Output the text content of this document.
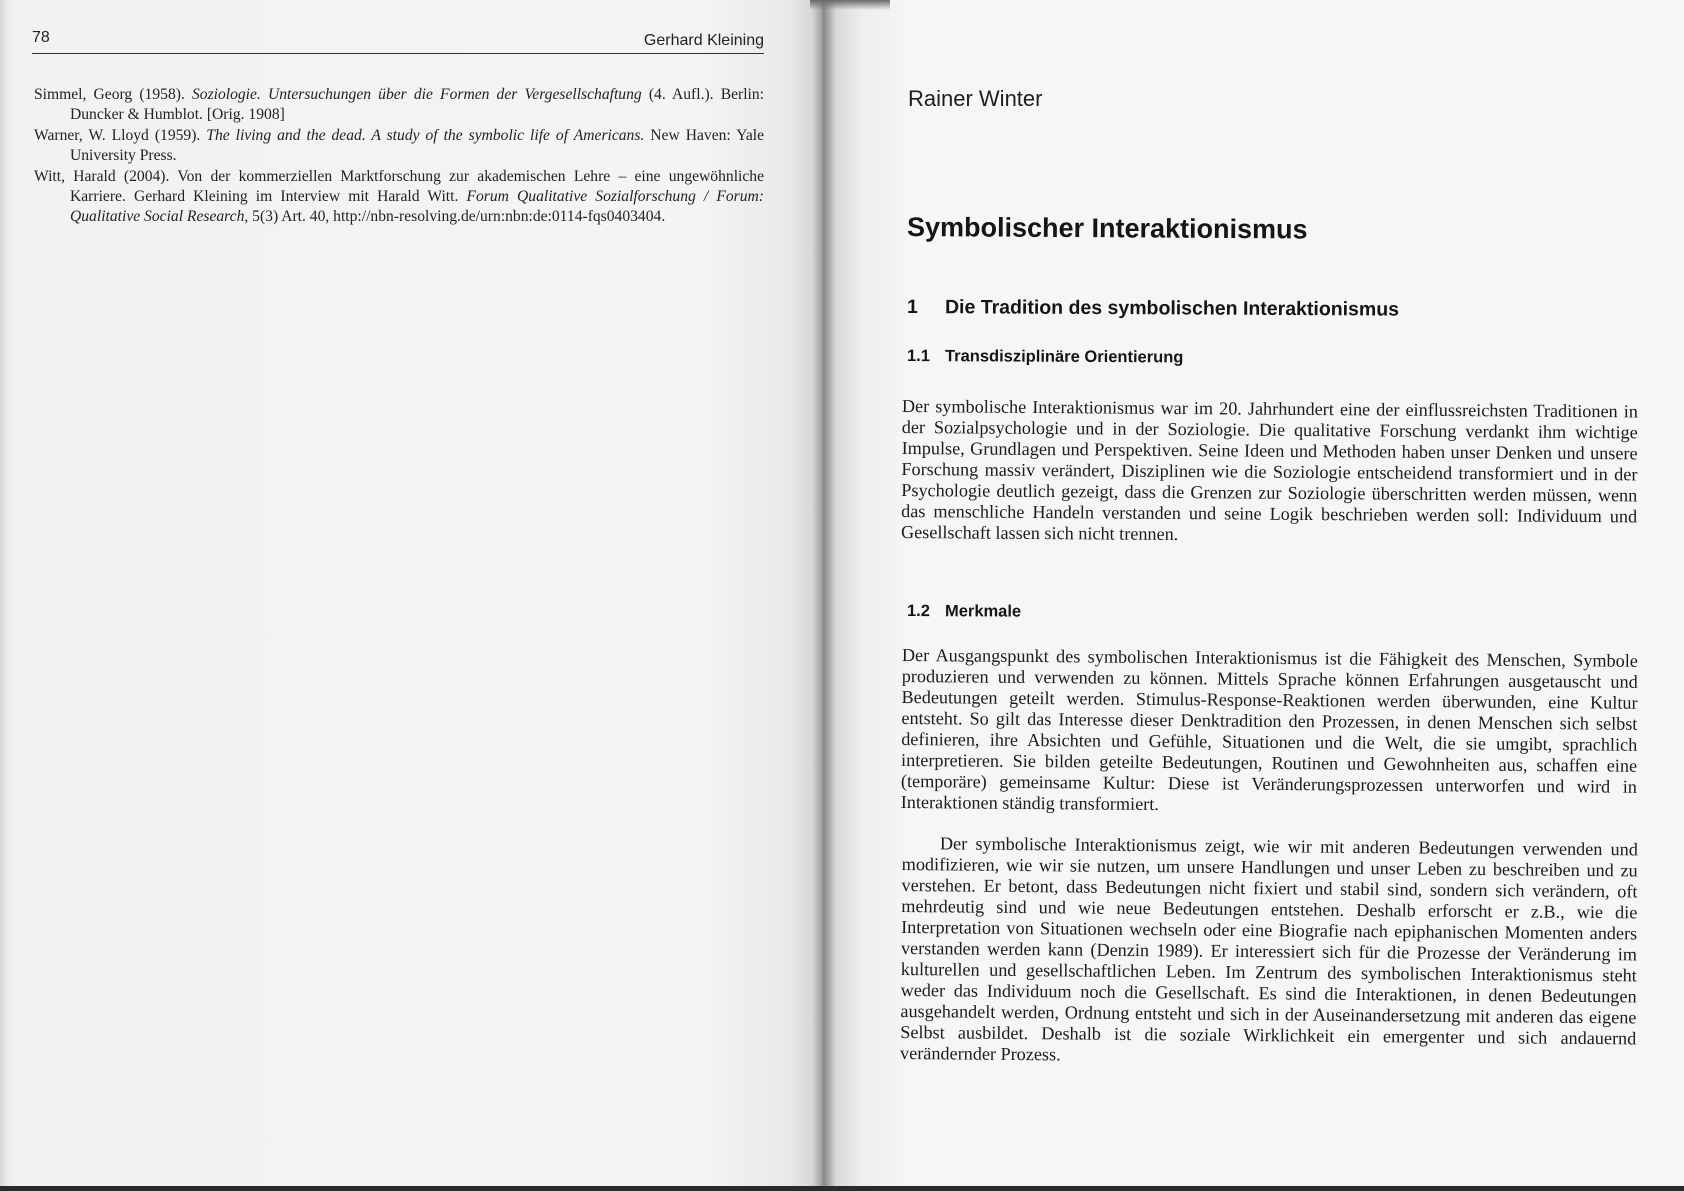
78	Gerhard Kleining

Simmel, Georg (1958). Soziologie. Untersuchungen über die Formen der Vergesellschaftung (4. Aufl.). Berlin: Duncker & Humblot. [Orig. 1908]

Warner, W. Lloyd (1959). The living and the dead. A study of the symbolic life of Americans. New Haven: Yale University Press.

Witt, Harald (2004). Von der kommerziellen Marktforschung zur akademischen Lehre – eine ungewöhnliche Karriere. Gerhard Kleining im Interview mit Harald Witt. Forum Qualitative Sozialforschung / Forum: Qualitative Social Research, 5(3) Art. 40, http://nbn-resolving.de/urn:nbn:de:0114-fqs0403404.

Rainer Winter
Symbolischer Interaktionismus
1 Die Tradition des symbolischen Interaktionismus
1.1 Transdisziplinäre Orientierung

Der symbolische Interaktionismus war im 20. Jahrhundert eine der einflussreichsten Traditionen in der Sozialpsychologie und in der Soziologie. Die qualitative Forschung verdankt ihm wichtige Impulse, Grundlagen und Perspektiven. Seine Ideen und Methoden haben unser Denken und unsere Forschung massiv verändert, Disziplinen wie die Soziologie entscheidend transformiert und in der Psychologie deutlich gezeigt, dass die Grenzen zur Soziologie überschritten werden müssen, wenn das menschliche Handeln verstanden und seine Logik beschrieben werden soll: Individuum und Gesellschaft lassen sich nicht trennen.

1.2 Merkmale

Der Ausgangspunkt des symbolischen Interaktionismus ist die Fähigkeit des Menschen, Symbole produzieren und verwenden zu können. Mittels Sprache können Erfahrungen ausgetauscht und Bedeutungen geteilt werden. Stimulus-Response-Reaktionen werden überwunden, eine Kultur entsteht. So gilt das Interesse dieser Denktradition den Prozessen, in denen Menschen sich selbst definieren, ihre Absichten und Gefühle, Situationen und die Welt, die sie umgibt, sprachlich interpretieren. Sie bilden geteilte Bedeutungen, Routinen und Gewohnheiten aus, schaffen eine (temporäre) gemeinsame Kultur: Diese ist Veränderungsprozessen unterworfen und wird in Interaktionen ständig transformiert.

Der symbolische Interaktionismus zeigt, wie wir mit anderen Bedeutungen verwenden und modifizieren, wie wir sie nutzen, um unsere Handlungen und unser Leben zu beschreiben und zu verstehen. Er betont, dass Bedeutungen nicht fixiert und stabil sind, sondern sich verändern, oft mehrdeutig sind und wie neue Bedeutungen entstehen. Deshalb erforscht er z.B., wie die Interpretation von Situationen wechseln oder eine Biografie nach epiphanischen Momenten anders verstanden werden kann (Denzin 1989). Er interessiert sich für die Prozesse der Veränderung im kulturellen und gesellschaftlichen Leben. Im Zentrum des symbolischen Interaktionismus steht weder das Individuum noch die Gesellschaft. Es sind die Interaktionen, in denen Bedeutungen ausgehandelt werden, Ordnung entsteht und sich in der Auseinandersetzung mit anderen das eigene Selbst ausbildet. Deshalb ist die soziale Wirklichkeit ein emergenter und sich andauernd verändernder Prozess.
